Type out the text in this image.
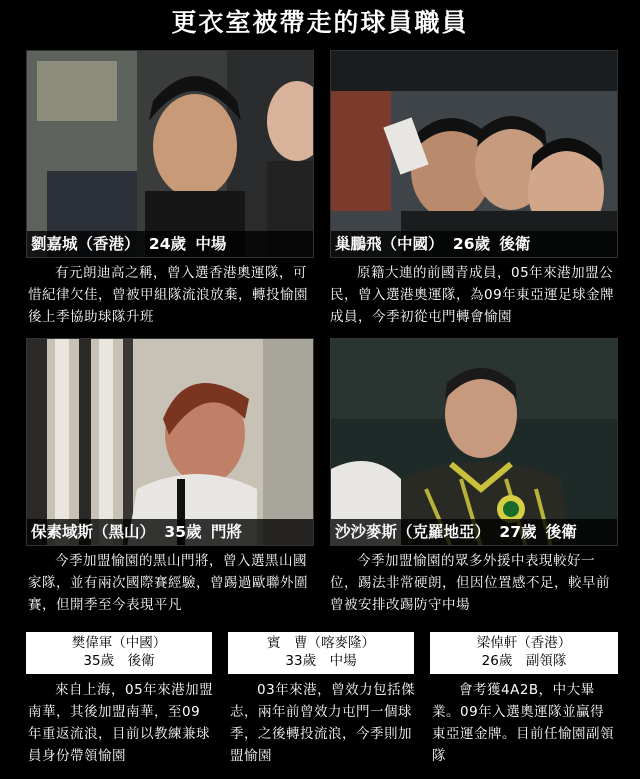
更衣室被帶走的球員職員
劉嘉城（香港） 24歲 中場
有元朗迪高之稱，曾入選香港奧運隊，可惜紀律欠佳，曾被甲組隊流浪放棄，轉投愉園後上季協助球隊升班
巢鵬飛（中國） 26歲 後衛
原籍大連的前國青成員，05年來港加盟公民，曾入選港奧運隊，為09年東亞運足球金牌成員，今季初從屯門轉會愉園
保素域斯（黑山） 35歲 門將
今季加盟愉園的黑山門將，曾入選黑山國家隊，並有兩次國際賽經驗，曾踢過歐聯外圍賽，但開季至今表現平凡
沙沙麥斯（克羅地亞） 27歲 後衛
今季加盟愉園的眾多外援中表現較好一位，踢法非常硬朗，但因位置感不足，較早前曾被安排改踢防守中場
樊偉軍（中國）
35歲　後衛
來自上海，05年來港加盟南華，其後加盟南華，至09年重返流浪，目前以教練兼球員身份帶領愉園
賓　曹（喀麥隆）
33歲　中場
03年來港，曾效力包括傑志，兩年前曾效力屯門一個球季，之後轉投流浪，今季則加盟愉園
梁倬軒（香港）
26歲　副領隊
會考獲4A2B，中大畢業。09年入選奧運隊並贏得東亞運金牌。目前任愉園副領隊
